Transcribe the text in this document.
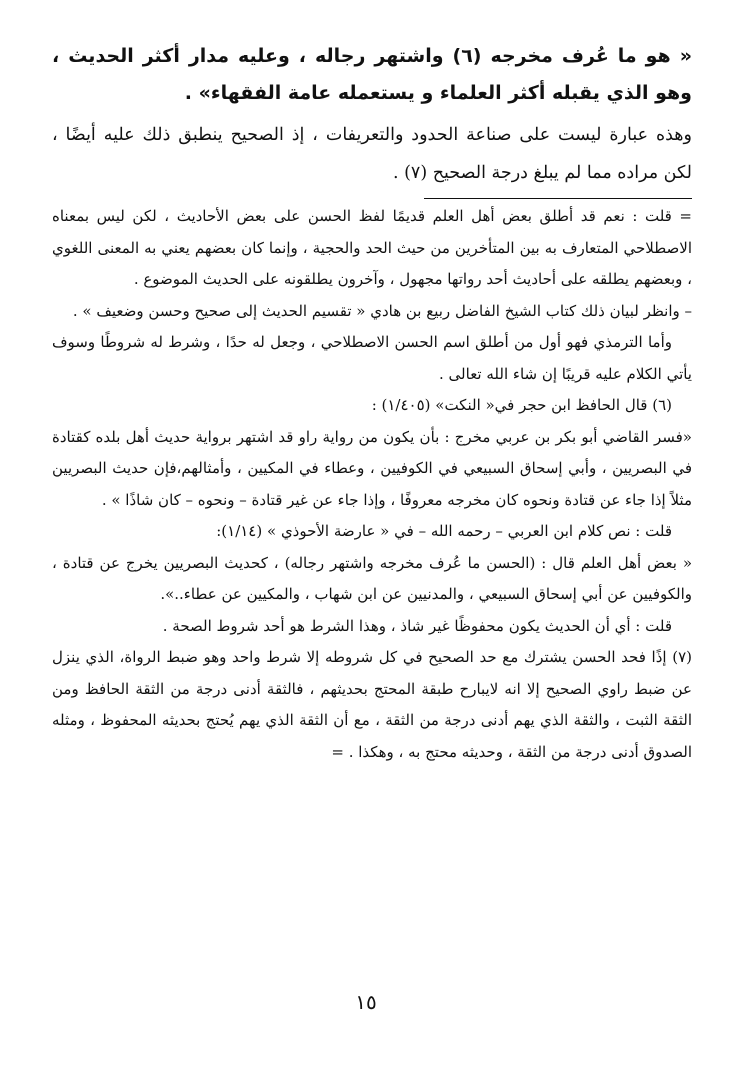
« هو ما عُرف مخرجه (٦) واشتهر رجاله ، وعليه مدار أكثر الحديث ، وهو الذي يقبله أكثر العلماء و يستعمله عامة الفقهاء» .

وهذه عبارة ليست على صناعة الحدود والتعريفات ، إذ الصحيح ينطبق ذلك عليه أيضًا ، لكن مراده مما لم يبلغ درجة الصحيح (٧) .

= قلت : نعم قد أطلق بعض أهل العلم قديمًا لفظ الحسن على بعض الأحاديث ، لكن ليس بمعناه الاصطلاحي المتعارف به بين المتأخرين من حيث الحد والحجية ، وإنما كان بعضهم يعني به المعنى اللغوي ، وبعضهم يطلقه على أحاديث أحد رواتها مجهول ، وآخرون يطلقونه على الحديث الموضوع .

– وانظر لبيان ذلك كتاب الشيخ الفاضل ربيع بن هادي « تقسيم الحديث إلى صحيح وحسن وضعيف » .

وأما الترمذي فهو أول من أطلق اسم الحسن الاصطلاحي ، وجعل له حدًا ، وشرط له شروطًا وسوف يأتي الكلام عليه قريبًا إن شاء الله تعالى .

(٦) قال الحافظ ابن حجر في« النكت» (١/٤٠٥) :

«فسر القاضي أبو بكر بن عربي مخرج : بأن يكون من رواية راو قد اشتهر برواية حديث أهل بلده كقتادة في البصريين ، وأبي إسحاق السبيعي في الكوفيين ، وعطاء في المكيين ، وأمثالهم،فإن حديث البصريين مثلاً إذا جاء عن قتادة ونحوه كان مخرجه معروفًا ، وإذا جاء عن غير قتادة – ونحوه – كان شاذًا » .

قلت : نص كلام ابن العربي – رحمه الله – في « عارضة الأحوذي » (١/١٤):

« بعض أهل العلم قال : (الحسن ما عُرف مخرجه واشتهر رجاله) ، كحديث البصريين يخرج عن قتادة ، والكوفيين عن أبي إسحاق السبيعي ، والمدنيين عن ابن شهاب ، والمكيين عن عطاء..».

قلت : أي أن الحديث يكون محفوظًا غير شاذ ، وهذا الشرط هو أحد شروط الصحة .

(٧) إذًا فحد الحسن يشترك مع حد الصحيح في كل شروطه إلا شرط واحد وهو ضبط الرواة، الذي ينزل عن ضبط راوي الصحيح إلا انه لايبارح طبقة المحتج بحديثهم ، فالثقة أدنى درجة من الثقة الحافظ ومن الثقة الثبت ، والثقة الذي يهم أدنى درجة من الثقة ، مع أن الثقة الذي يهم يُحتج بحديثه المحفوظ ، ومثله الصدوق أدنى درجة من الثقة ، وحديثه محتج به ، وهكذا . =

١٥
